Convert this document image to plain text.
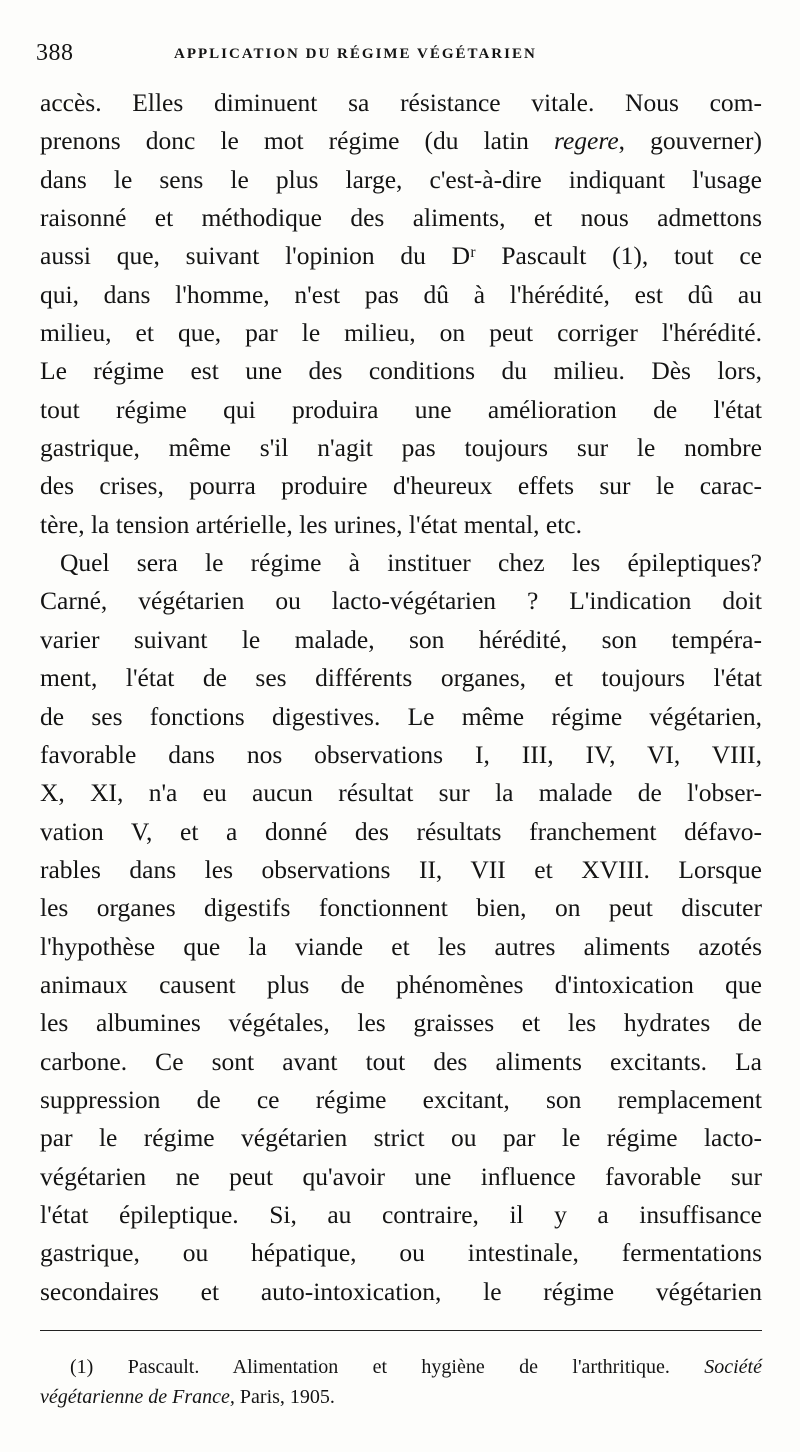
388	APPLICATION DU RÉGIME VÉGÉTARIEN
accès. Elles diminuent sa résistance vitale. Nous com-
prenons donc le mot régime (du latin regere, gouverner)
dans le sens le plus large, c'est-à-dire indiquant l'usage
raisonné et méthodique des aliments, et nous admettons
aussi que, suivant l'opinion du Dʳ Pascault (1), tout ce
qui, dans l'homme, n'est pas dû à l'hérédité, est dû au
milieu, et que, par le milieu, on peut corriger l'hérédité.
Le régime est une des conditions du milieu. Dès lors,
tout régime qui produira une amélioration de l'état
gastrique, même s'il n'agit pas toujours sur le nombre
des crises, pourra produire d'heureux effets sur le carac-
tère, la tension artérielle, les urines, l'état mental, etc.
Quel sera le régime à instituer chez les épileptiques?
Carné, végétarien ou lacto-végétarien ? L'indication doit
varier suivant le malade, son hérédité, son tempéra-
ment, l'état de ses différents organes, et toujours l'état
de ses fonctions digestives. Le même régime végétarien,
favorable dans nos observations I, III, IV, VI, VIII,
X, XI, n'a eu aucun résultat sur la malade de l'obser-
vation V, et a donné des résultats franchement défavo-
rables dans les observations II, VII et XVIII. Lorsque
les organes digestifs fonctionnent bien, on peut discuter
l'hypothèse que la viande et les autres aliments azotés
animaux causent plus de phénomènes d'intoxication que
les albumines végétales, les graisses et les hydrates de
carbone. Ce sont avant tout des aliments excitants. La
suppression de ce régime excitant, son remplacement
par le régime végétarien strict ou par le régime lacto-
végétarien ne peut qu'avoir une influence favorable sur
l'état épileptique. Si, au contraire, il y a insuffisance
gastrique, ou hépatique, ou intestinale, fermentations
secondaires et auto-intoxication, le régime végétarien
(1) Pascault. Alimentation et hygiène de l'arthritique. Société
végétarienne de France, Paris, 1905.
